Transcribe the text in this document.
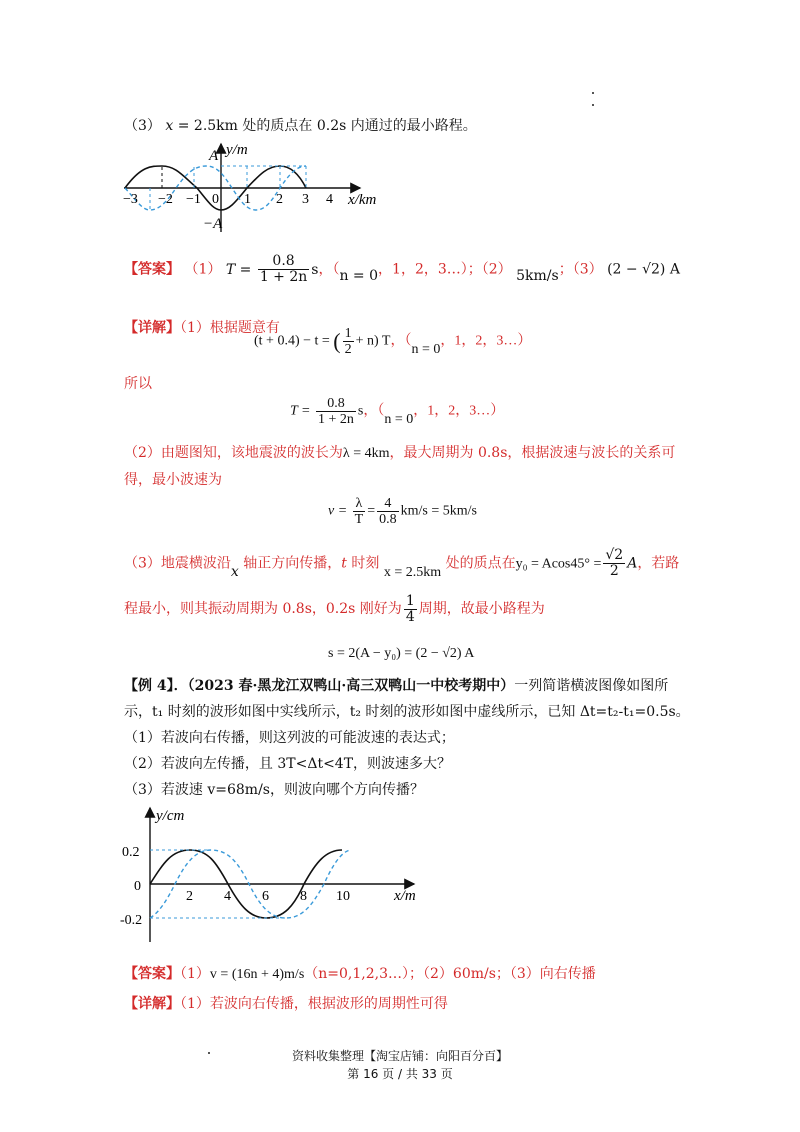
（3） x = 2.5km 处的质点在 0.2s 内通过的最小路程。
y/m
A
−A
x/km
−3 −2 −1 0 1 2 3 4
【答案】 （1） $T = \frac{0.8}{1 + 2n}$ s，（n = 0，1，2，3…）；（2） 5km/s；（3） (2 − √2) A
【详解】（1）根据题意有
(t + 0.4) − t = ( $\frac{1}{2} + n$) T，（n = 0，1，2，3…）
所以
$T = \frac{0.8}{1 + 2n}$ s，（n = 0，1，2，3…）
（2）由题图知，该地震波的波长为λ = 4km，最大周期为 0.8s，根据波速与波长的关系可
得，最小波速为
$v = \frac{\lambda}{T} = \frac{4}{0.8} km/s = 5km/s$
（3）地震横波沿x 轴正方向传播，t 时刻 x = 2.5km 处的质点在$y_0 = Acos45^\circ = \frac{√2}{2}$ A，若路
程最小，则其振动周期为 0.8s，0.2s 刚好为 $\frac{1}{4}$ 周期，故最小路程为
s = 2(A − y₀) = (2 − √2) A
【例 4】．（2023 春·黑龙江双鸭山·高三双鸭山一中校考期中）一列简谐横波图像如图所
示，t₁ 时刻的波形如图中实线所示，t₂ 时刻的波形如图中虚线所示，已知 Δt=t₂-t₁=0.5s。
（1）若波向右传播，则这列波的可能波速的表达式；
（2）若波向左传播，且 3T<Δt<4T，则波速多大？
（3）若波速 v=68m/s，则波向哪个方向传播？
y/cm
x/m
0.2
0
-0.2
2 4 6 8 10
【答案】（1）v = (16n + 4)m/s（n=0,1,2,3…）；（2）60m/s；（3）向右传播
【详解】（1）若波向右传播，根据波形的周期性可得
资料收集整理【淘宝店铺：向阳百分百】
第 16 页 / 共 33 页
